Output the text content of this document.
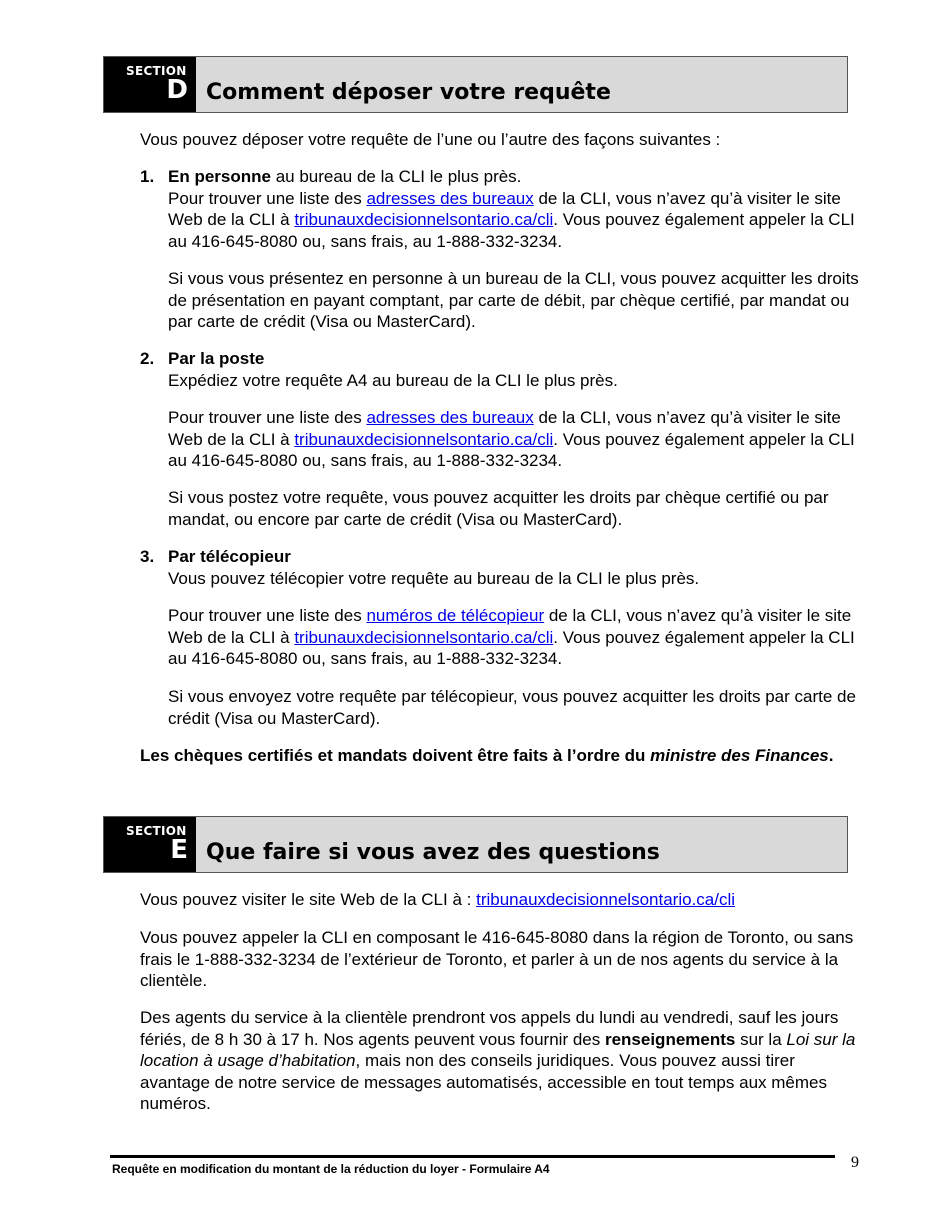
SECTION
D Comment déposer votre requête

Vous pouvez déposer votre requête de l’une ou l’autre des façons suivantes :

1. En personne au bureau de la CLI le plus près.
Pour trouver une liste des adresses des bureaux de la CLI, vous n’avez qu’à visiter le site Web de la CLI à tribunauxdecisionnelsontario.ca/cli. Vous pouvez également appeler la CLI au 416-645-8080 ou, sans frais, au 1-888-332-3234.

Si vous vous présentez en personne à un bureau de la CLI, vous pouvez acquitter les droits de présentation en payant comptant, par carte de débit, par chèque certifié, par mandat ou par carte de crédit (Visa ou MasterCard).

2. Par la poste
Expédiez votre requête A4 au bureau de la CLI le plus près.

Pour trouver une liste des adresses des bureaux de la CLI, vous n’avez qu’à visiter le site Web de la CLI à tribunauxdecisionnelsontario.ca/cli. Vous pouvez également appeler la CLI au 416-645-8080 ou, sans frais, au 1-888-332-3234.

Si vous postez votre requête, vous pouvez acquitter les droits par chèque certifié ou par mandat, ou encore par carte de crédit (Visa ou MasterCard).

3. Par télécopieur
Vous pouvez télécopier votre requête au bureau de la CLI le plus près.

Pour trouver une liste des numéros de télécopieur de la CLI, vous n’avez qu’à visiter le site Web de la CLI à tribunauxdecisionnelsontario.ca/cli. Vous pouvez également appeler la CLI au 416-645-8080 ou, sans frais, au 1-888-332-3234.

Si vous envoyez votre requête par télécopieur, vous pouvez acquitter les droits par carte de crédit (Visa ou MasterCard).

Les chèques certifiés et mandats doivent être faits à l’ordre du ministre des Finances.

SECTION
E Que faire si vous avez des questions

Vous pouvez visiter le site Web de la CLI à : tribunauxdecisionnelsontario.ca/cli

Vous pouvez appeler la CLI en composant le 416-645-8080 dans la région de Toronto, ou sans frais le 1-888-332-3234 de l’extérieur de Toronto, et parler à un de nos agents du service à la clientèle.

Des agents du service à la clientèle prendront vos appels du lundi au vendredi, sauf les jours fériés, de 8 h 30 à 17 h. Nos agents peuvent vous fournir des renseignements sur la Loi sur la location à usage d’habitation, mais non des conseils juridiques. Vous pouvez aussi tirer avantage de notre service de messages automatisés, accessible en tout temps aux mêmes numéros.

Requête en modification du montant de la réduction du loyer - Formulaire A4	9
